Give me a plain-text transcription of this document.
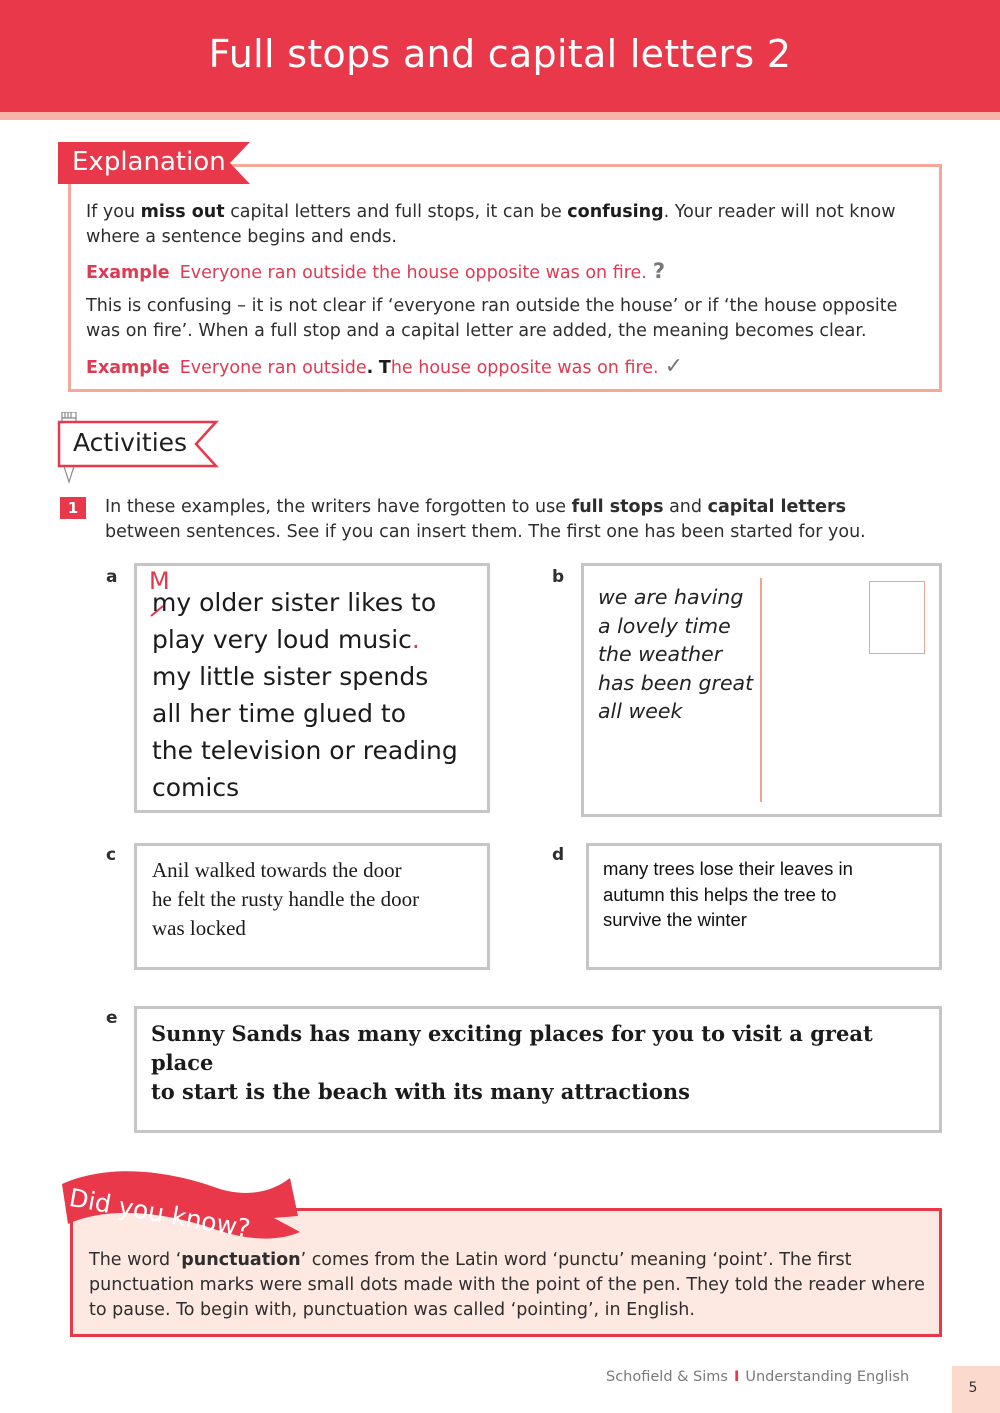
Full stops and capital letters 2
Explanation

If you miss out capital letters and full stops, it can be confusing. Your reader will not know where a sentence begins and ends.

Example Everyone ran outside the house opposite was on fire. ?

This is confusing – it is not clear if ‘everyone ran outside the house’ or if ‘the house opposite was on fire’. When a full stop and a capital letter are added, the meaning becomes clear.

Example Everyone ran outside. The house opposite was on fire. ✓
Activities
1	In these examples, the writers have forgotten to use full stops and capital letters between sentences. See if you can insert them. The first one has been started for you.

a M
my older sister likes to
play very loud music.
my little sister spends
all her time glued to
the television or reading
comics
b
we are having
a lovely time
the weather
has been great
all week
c
Anil walked towards the door
he felt the rusty handle the door
was locked
d
many trees lose their leaves in
autumn this helps the tree to
survive the winter
e
Sunny Sands has many exciting places for you to visit a great place
to start is the beach with its many attractions
Did you know?

The word ‘punctuation’ comes from the Latin word ‘punctu’ meaning ‘point’. The first punctuation marks were small dots made with the point of the pen. They told the reader where to pause. To begin with, punctuation was called ‘pointing’, in English.

Schofield & Sims I Understanding English
5
